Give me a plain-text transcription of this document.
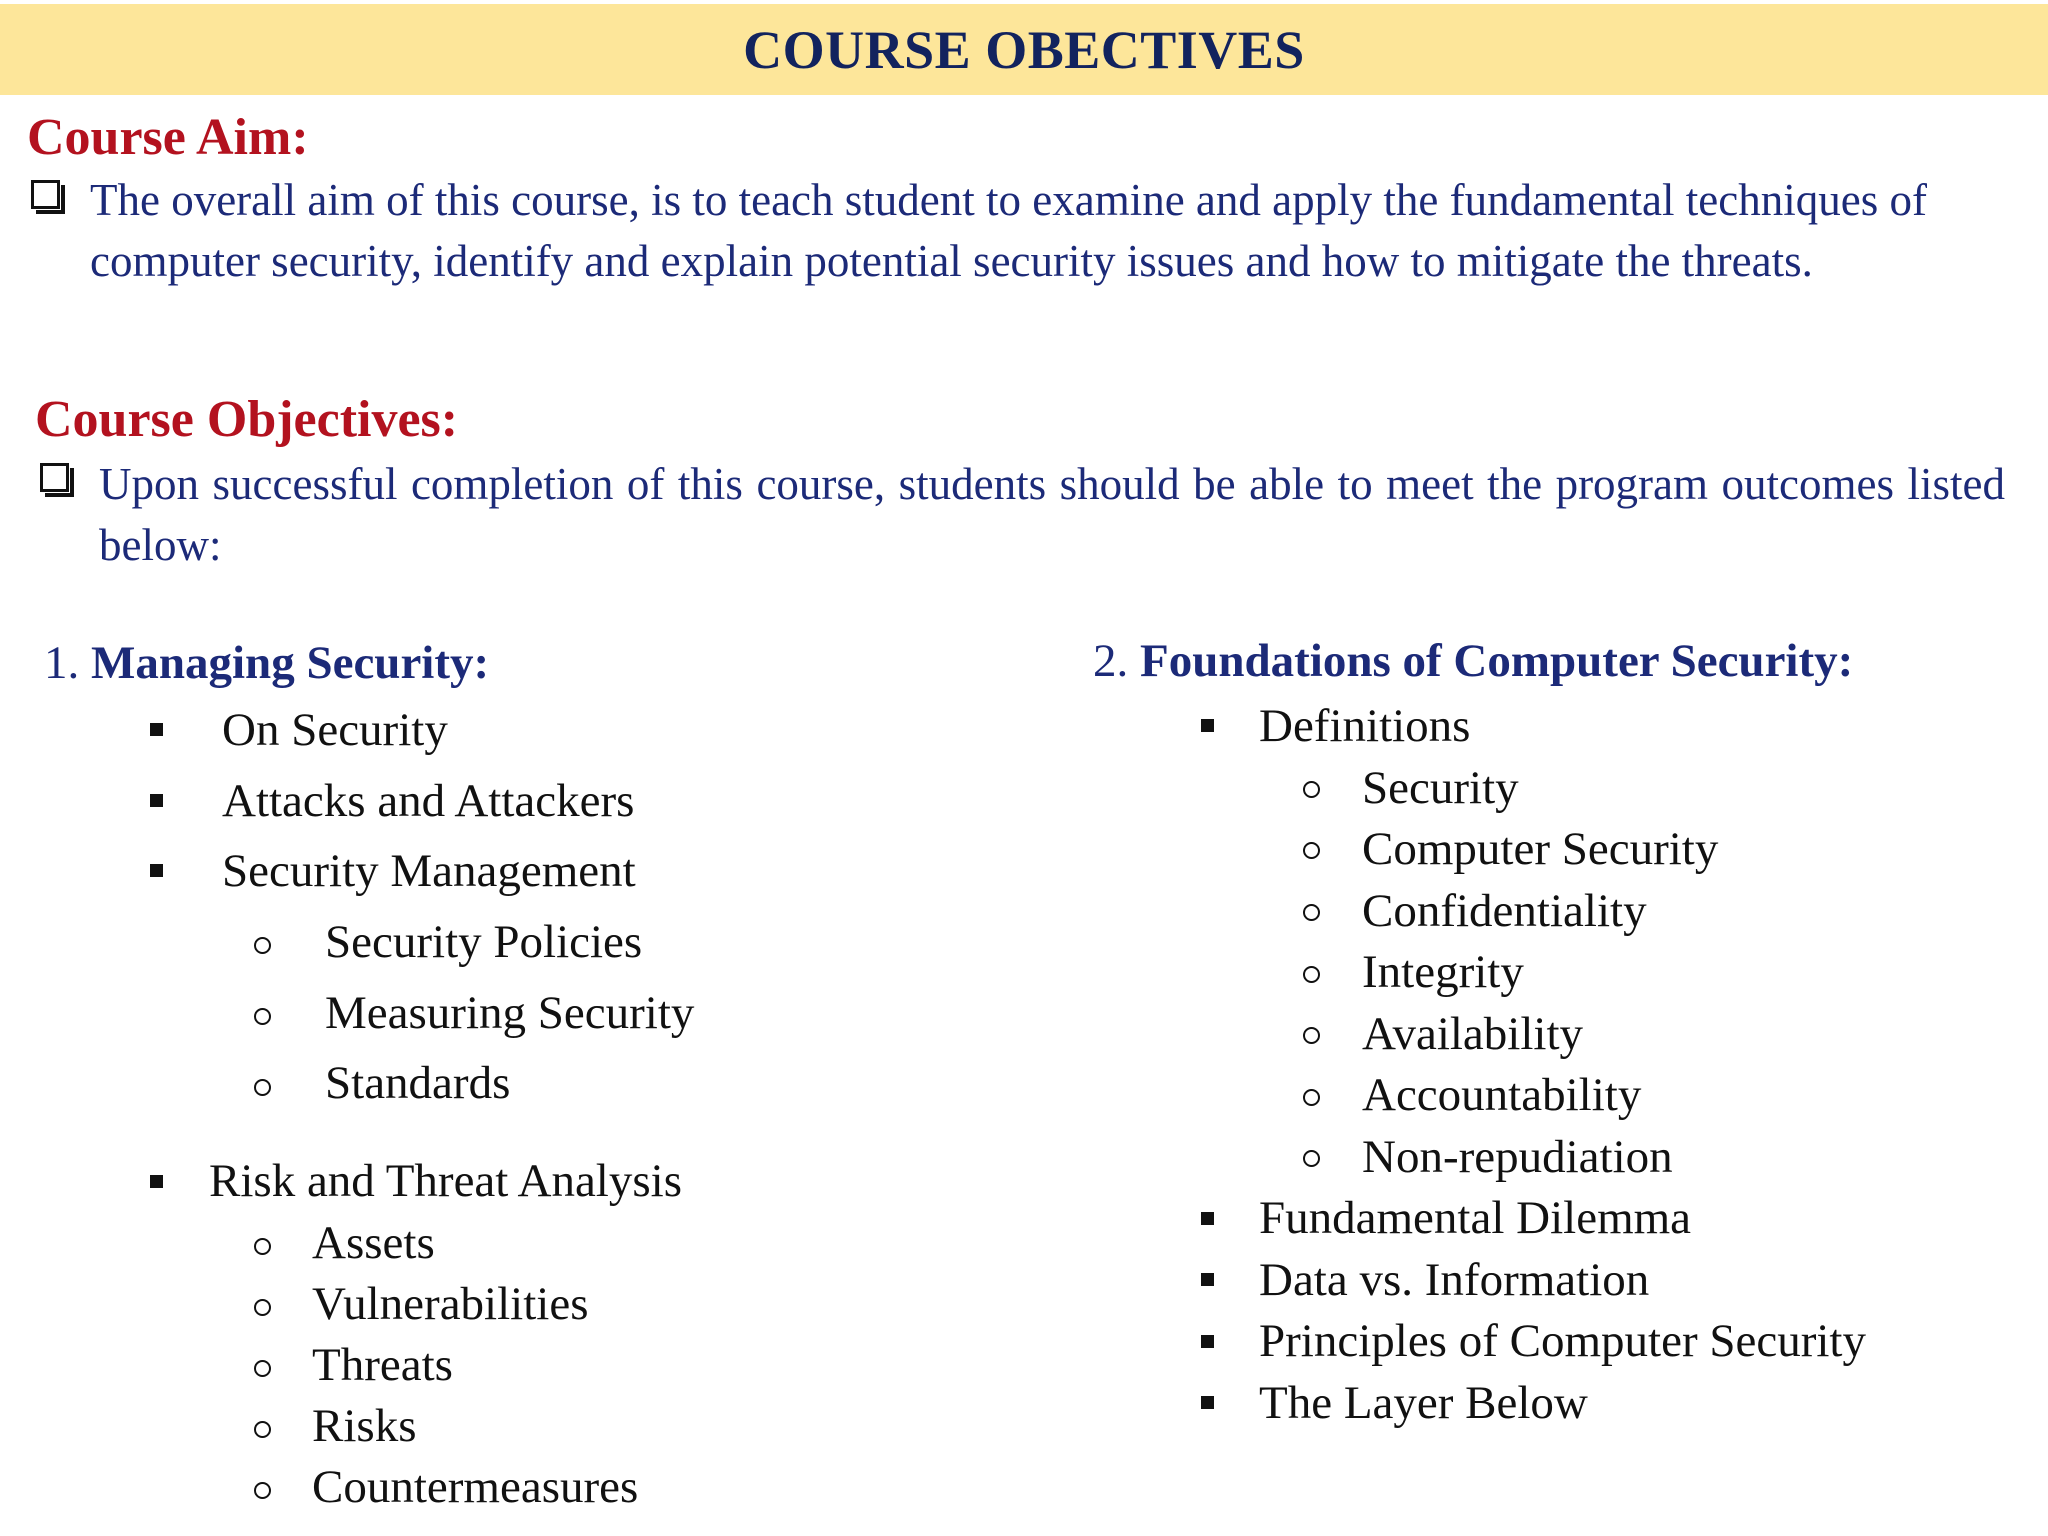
COURSE OBECTIVES
Course Aim:

The overall aim of this course, is to teach student to examine and apply the fundamental techniques of computer security, identify and explain potential security issues and how to mitigate the threats.

Course Objectives:

Upon successful completion of this course, students should be able to meet the program outcomes listed below:

1. Managing Security:
On Security
Attacks and Attackers
Security Management
Security Policies
Measuring Security
Standards
Risk and Threat Analysis
Assets
Vulnerabilities
Threats
Risks
Countermeasures
2. Foundations of Computer Security:
Definitions
Security
Computer Security
Confidentiality
Integrity
Availability
Accountability
Non-repudiation
Fundamental Dilemma
Data vs. Information
Principles of Computer Security
The Layer Below
